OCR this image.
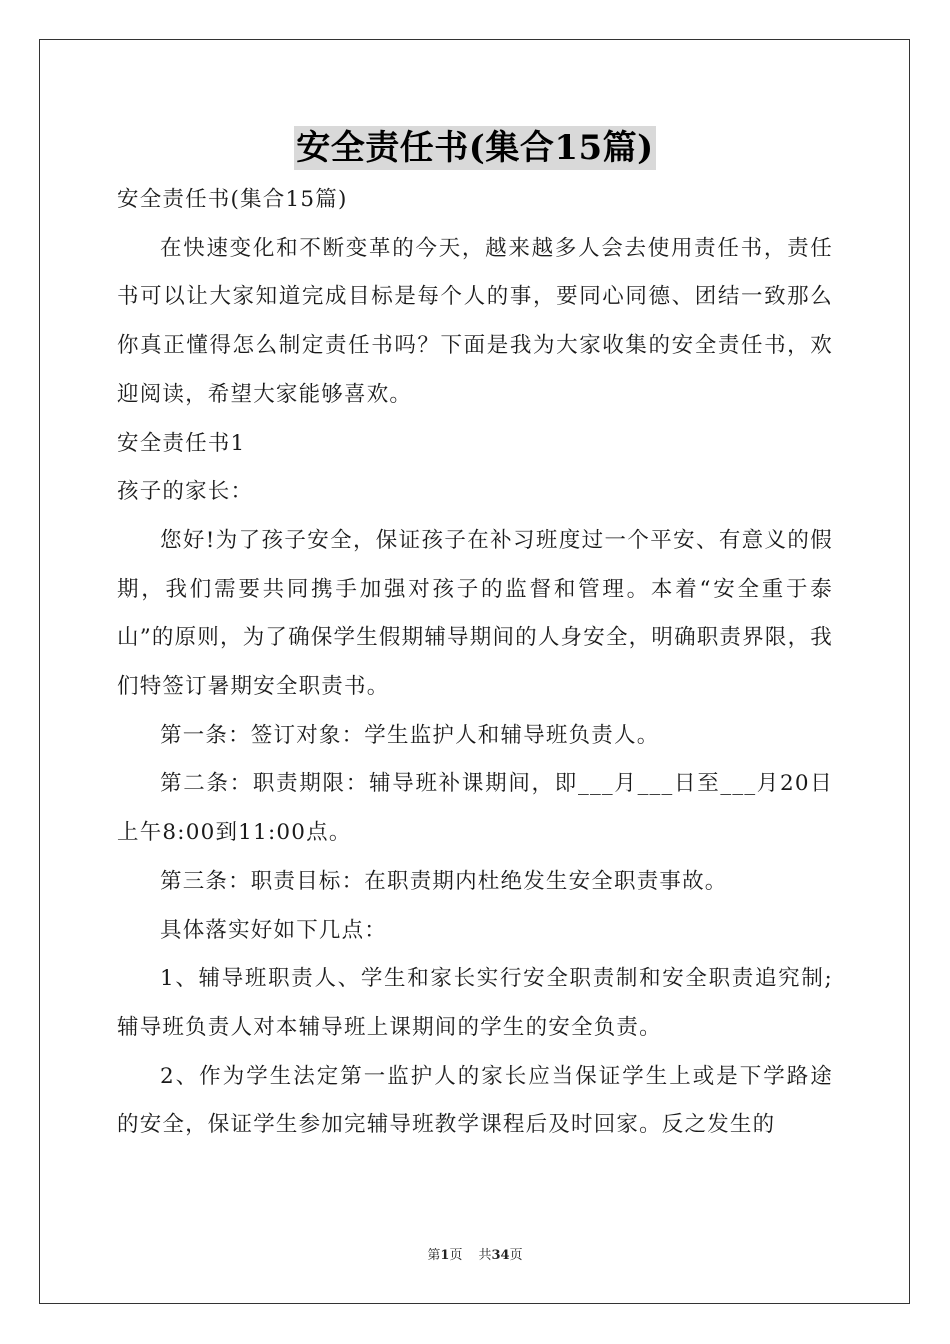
安全责任书(集合15篇)

安全责任书(集合15篇)

在快速变化和不断变革的今天，越来越多人会去使用责任书，责任书可以让大家知道完成目标是每个人的事，要同心同德、团结一致那么你真正懂得怎么制定责任书吗？下面是我为大家收集的安全责任书，欢迎阅读，希望大家能够喜欢。

安全责任书1

孩子的家长：

您好!为了孩子安全，保证孩子在补习班度过一个平安、有意义的假期，我们需要共同携手加强对孩子的监督和管理。本着“安全重于泰山”的原则，为了确保学生假期辅导期间的人身安全，明确职责界限，我们特签订暑期安全职责书。

第一条：签订对象：学生监护人和辅导班负责人。

第二条：职责期限：辅导班补课期间，即___月___日至___月20日上午8:00到11:00点。

第三条：职责目标：在职责期内杜绝发生安全职责事故。

具体落实好如下几点：

1、辅导班职责人、学生和家长实行安全职责制和安全职责追究制;辅导班负责人对本辅导班上课期间的学生的安全负责。

2、作为学生法定第一监护人的家长应当保证学生上或是下学路途的安全，保证学生参加完辅导班教学课程后及时回家。反之发生的

第1页 共34页
